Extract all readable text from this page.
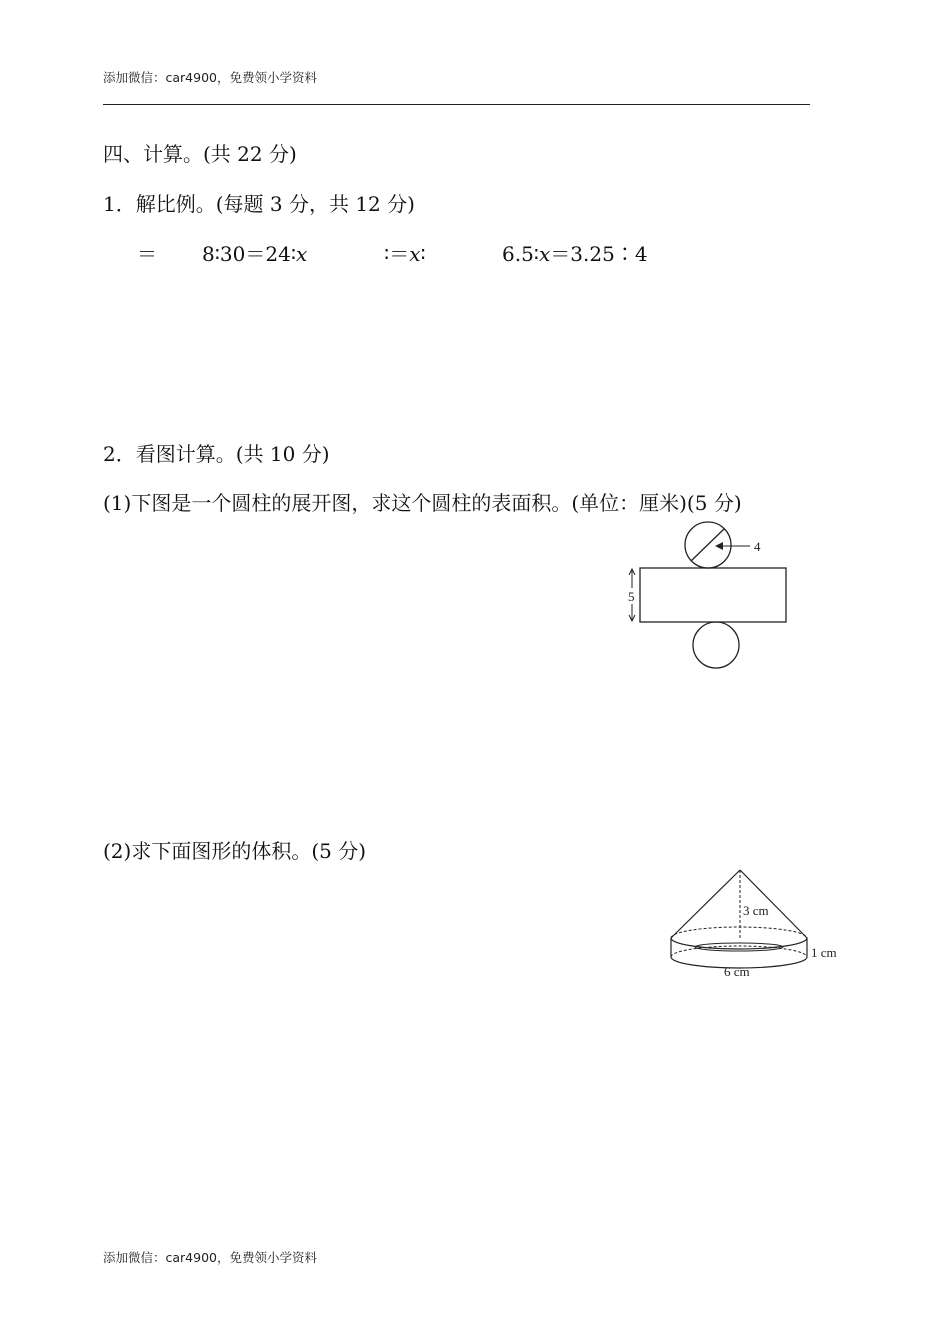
添加微信：car4900，免费领小学资料
四、计算。(共 22 分)
1．解比例。(每题 3 分，共 12 分)
＝ 8∶30＝24∶x	∶＝x∶	6.5∶x＝3.25∶4
2．看图计算。(共 10 分)
(1)下图是一个圆柱的展开图，求这个圆柱的表面积。(单位：厘米)(5 分)
4
5
(2)求下面图形的体积。(5 分)
3 cm
1 cm
6 cm
添加微信：car4900，免费领小学资料
